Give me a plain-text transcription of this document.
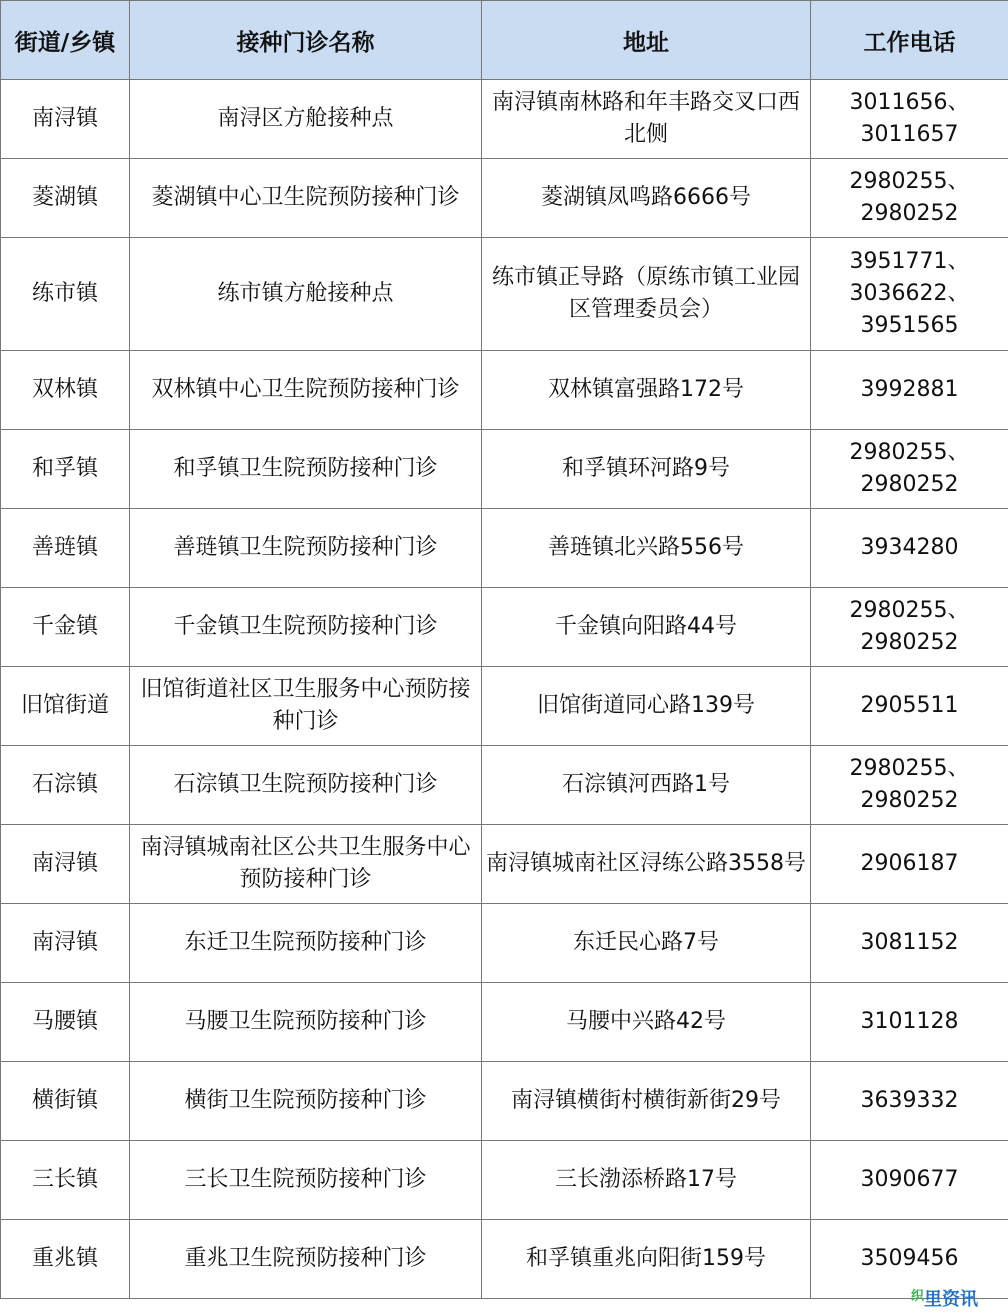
街道/乡镇	接种门诊名称	地址	工作电话
南浔镇	南浔区方舱接种点	南浔镇南林路和年丰路交叉口西北侧	3011656、
3011657

菱湖镇	菱湖镇中心卫生院预防接种门诊	菱湖镇凤鸣路6666号	2980255、
2980252

练市镇	练市镇方舱接种点	练市镇正导路（原练市镇工业园区管理委员会）	3951771、
3036622、
3951565

双林镇	双林镇中心卫生院预防接种门诊	双林镇富强路172号	3992881

和孚镇	和孚镇卫生院预防接种门诊	和孚镇环河路9号	2980255、
2980252

善琏镇	善琏镇卫生院预防接种门诊	善琏镇北兴路556号	3934280

千金镇	千金镇卫生院预防接种门诊	千金镇向阳路44号	2980255、
2980252

旧馆街道	旧馆街道社区卫生服务中心预防接种门诊	旧馆街道同心路139号	2905511

石淙镇	石淙镇卫生院预防接种门诊	石淙镇河西路1号	2980255、
2980252

南浔镇	南浔镇城南社区公共卫生服务中心预防接种门诊	南浔镇城南社区浔练公路3558号	2906187

南浔镇	东迁卫生院预防接种门诊	东迁民心路7号	3081152

马腰镇	马腰卫生院预防接种门诊	马腰中兴路42号	3101128

横街镇	横街卫生院预防接种门诊	南浔镇横街村横街新街29号	3639332

三长镇	三长卫生院预防接种门诊	三长渤添桥路17号	3090677

重兆镇	重兆卫生院预防接种门诊	和孚镇重兆向阳街159号	3509456
$^织$里资讯
